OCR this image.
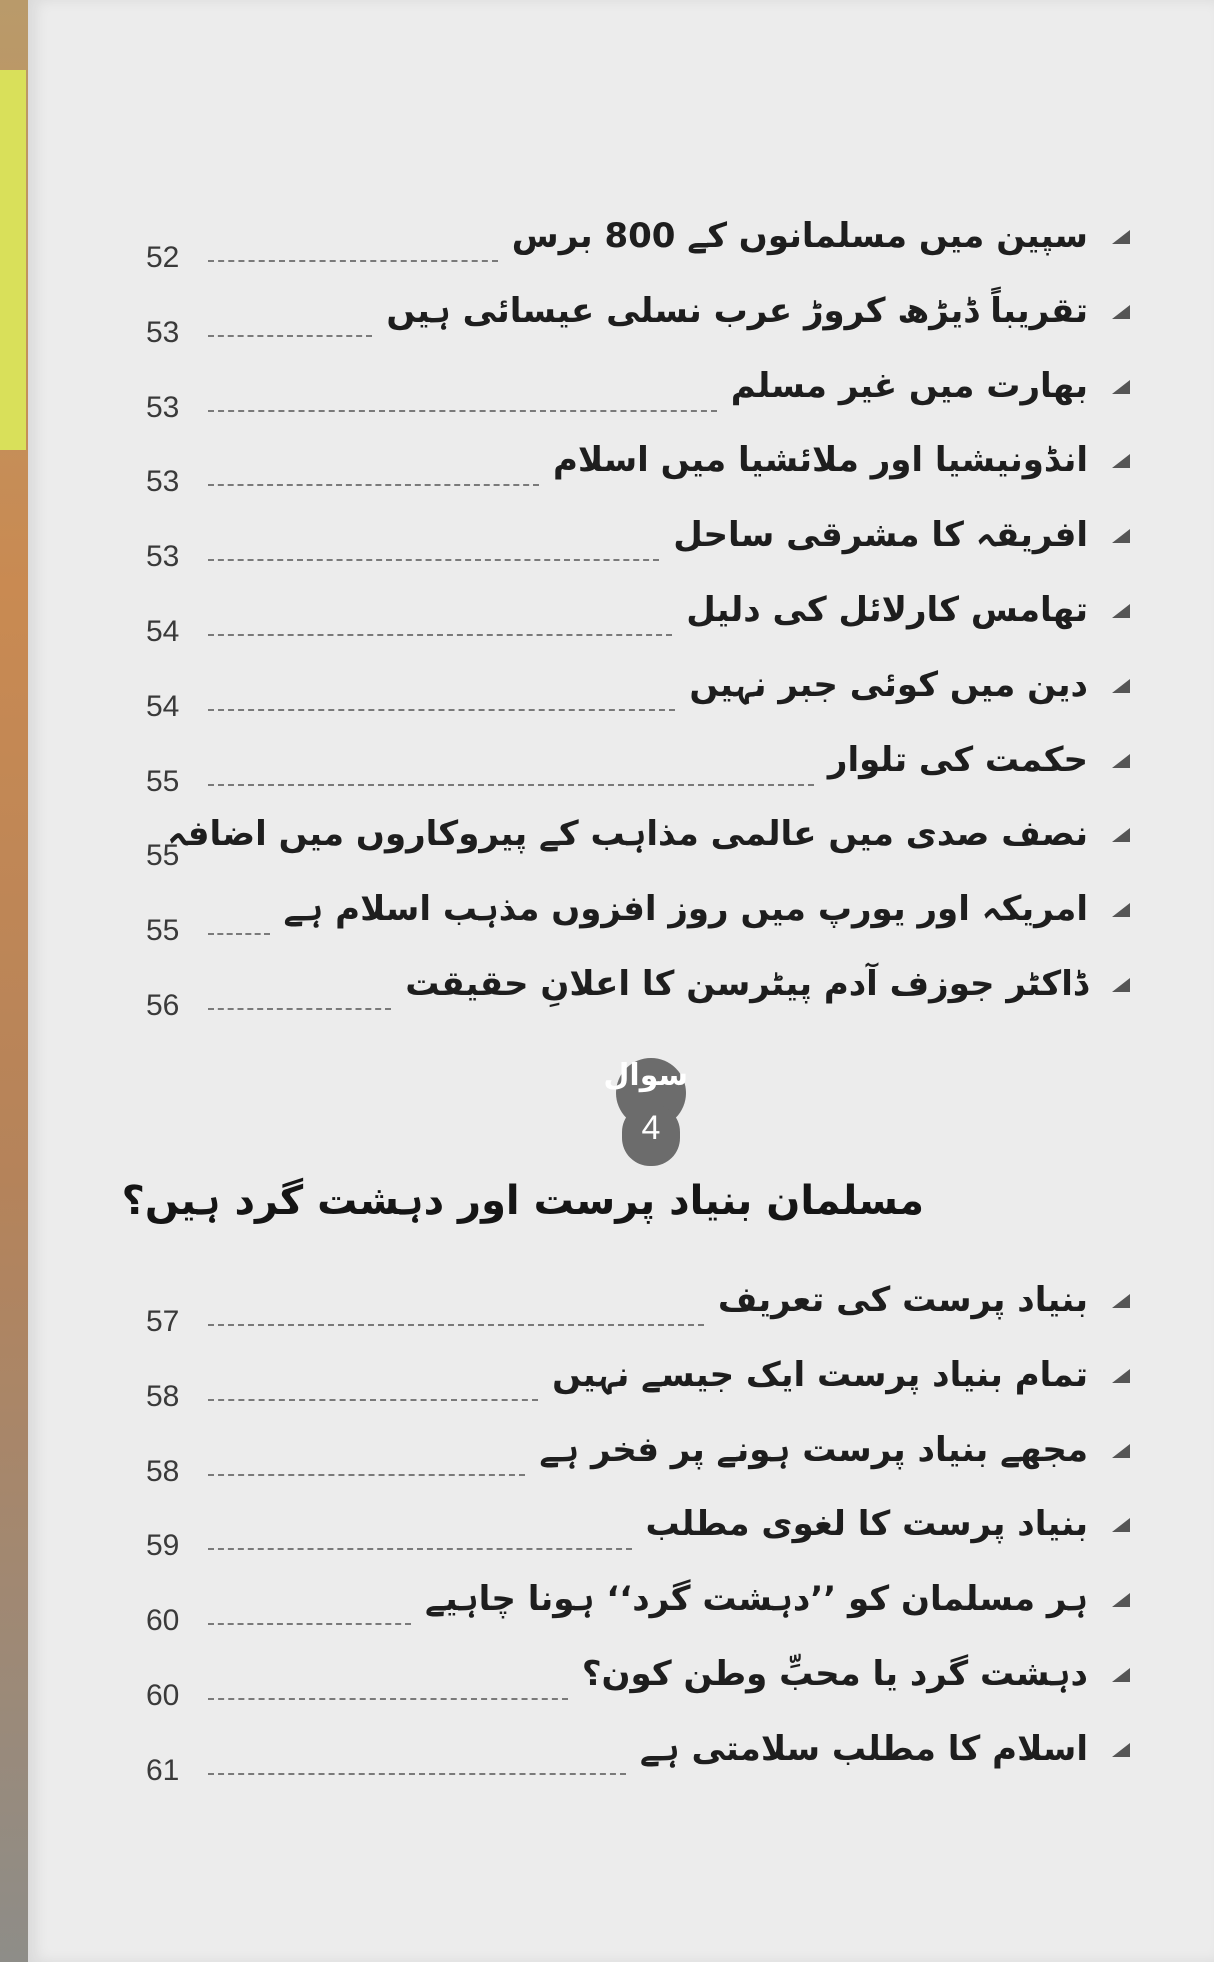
سپین میں مسلمانوں کے 800 برس
52
تقریباً ڈیڑھ کروڑ عرب نسلی عیسائی ہیں
53
بھارت میں غیر مسلم
53
انڈونیشیا اور ملائشیا میں اسلام
53
افریقہ کا مشرقی ساحل
53
تھامس کارلائل کی دلیل
54
دین میں کوئی جبر نہیں
54
حکمت کی تلوار
55
نصف صدی میں عالمی مذاہب کے پیروکاروں میں اضافہ
55
امریکہ اور یورپ میں روز افزوں مذہب اسلام ہے
55
ڈاکٹر جوزف آدم پیٹرسن کا اعلانِ حقیقت
56
بنیاد پرست کی تعریف
57
تمام بنیاد پرست ایک جیسے نہیں
58
مجھے بنیاد پرست ہونے پر فخر ہے
58
بنیاد پرست کا لغوی مطلب
59
ہر مسلمان کو ’’دہشت گرد‘‘ ہونا چاہیے
60
دہشت گرد یا محبِّ وطن کون؟
60
اسلام کا مطلب سلامتی ہے
61
سوال
4
مسلمان بنیاد پرست اور دہشت گرد ہیں؟
